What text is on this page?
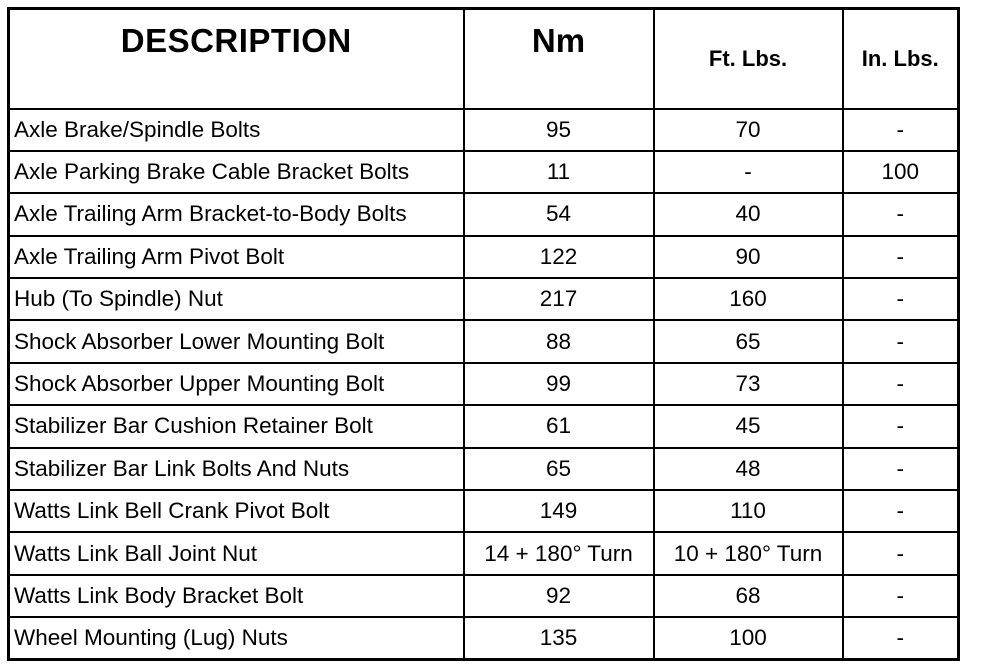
DESCRIPTION	Nm	Ft. Lbs.	In. Lbs.
Axle Brake/Spindle Bolts	95	70	-
Axle Parking Brake Cable Bracket Bolts	11	-	100
Axle Trailing Arm Bracket-to-Body Bolts	54	40	-
Axle Trailing Arm Pivot Bolt	122	90	-
Hub (To Spindle) Nut	217	160	-
Shock Absorber Lower Mounting Bolt	88	65	-
Shock Absorber Upper Mounting Bolt	99	73	-
Stabilizer Bar Cushion Retainer Bolt	61	45	-
Stabilizer Bar Link Bolts And Nuts	65	48	-
Watts Link Bell Crank Pivot Bolt	149	110	-
Watts Link Ball Joint Nut	14 + 180° Turn	10 + 180° Turn	-
Watts Link Body Bracket Bolt	92	68	-
Wheel Mounting (Lug) Nuts	135	100	-
